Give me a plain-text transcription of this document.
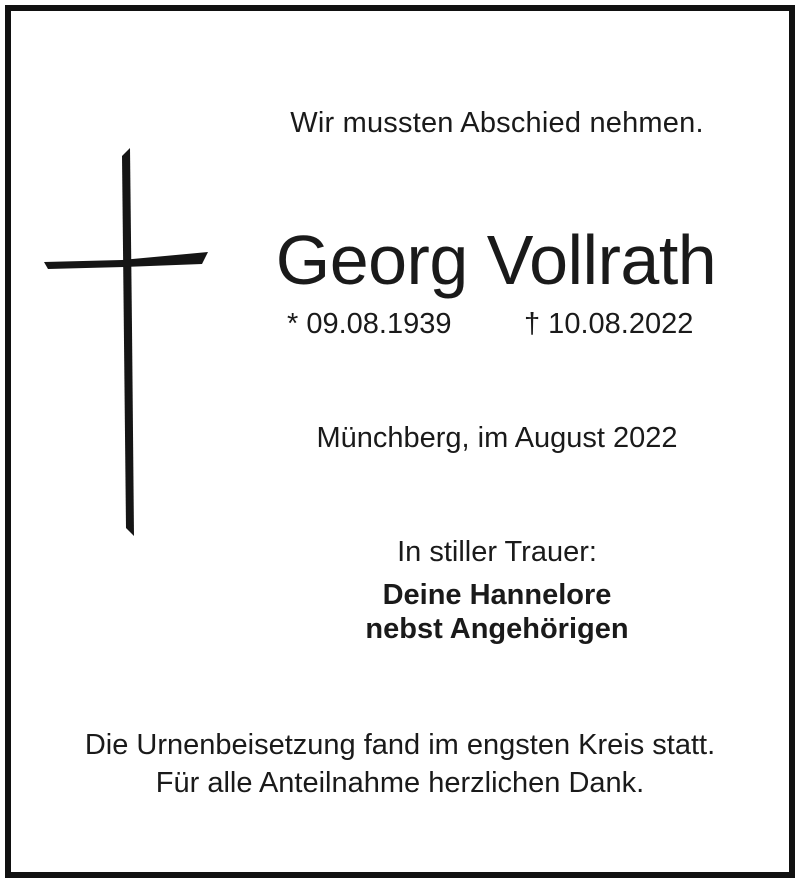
Wir mussten Abschied nehmen.
Georg Vollrath
* 09.08.1939	† 10.08.2022
Münchberg, im August 2022
In stiller Trauer:
Deine Hannelore
nebst Angehörigen
Die Urnenbeisetzung fand im engsten Kreis statt.
Für alle Anteilnahme herzlichen Dank.
